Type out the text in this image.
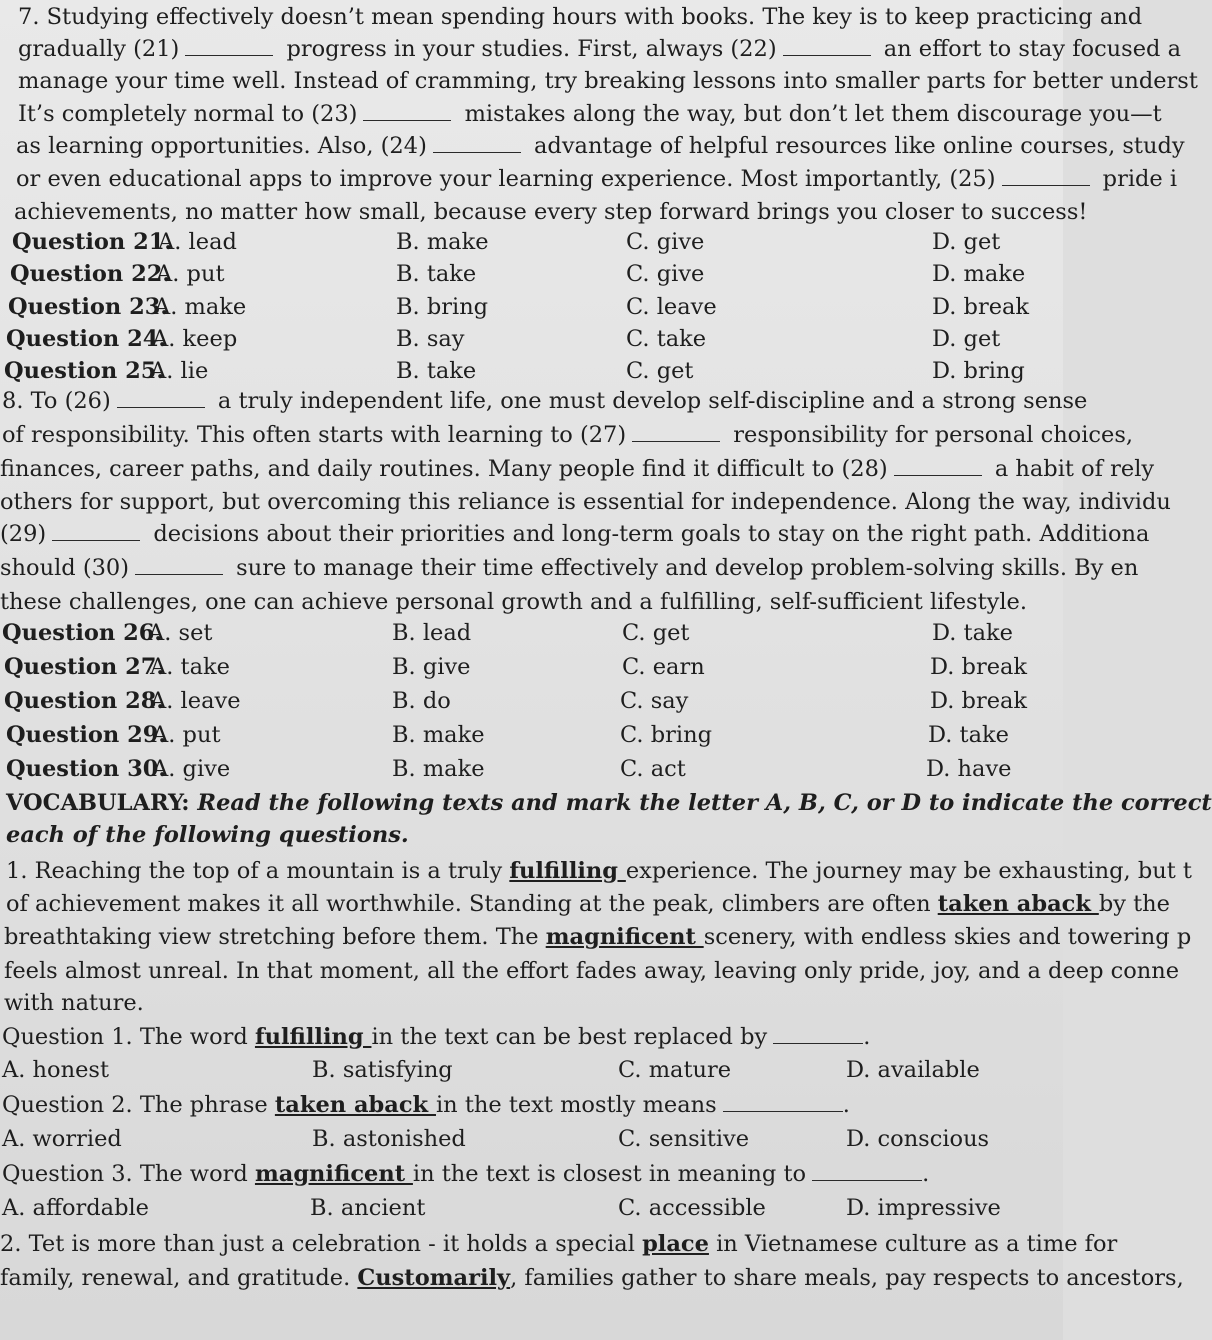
7. Studying effectively doesn’t mean spending hours with books. The key is to keep practicing and
gradually (21)	progress in your studies. First, always (22)	an effort to stay focused a
manage your time well. Instead of cramming, try breaking lessons into smaller parts for better underst
It’s completely normal to (23)	mistakes along the way, but don’t let them discourage you—t
as learning opportunities. Also, (24)	advantage of helpful resources like online courses, study
or even educational apps to improve your learning experience. Most importantly, (25)	pride i
achievements, no matter how small, because every step forward brings you closer to success!
Question 21.
A. lead	B. make	C. give	D. get
Question 22.
A. put	B. take	C. give	D. make
Question 23.
A. make	B. bring	C. leave	D. break
Question 24.
A. keep	B. say	C. take	D. get
Question 25.
A. lie	B. take	C. get	D. bring
8. To (26)	a truly independent life, one must develop self-discipline and a strong sense
of responsibility. This often starts with learning to (27)	responsibility for personal choices,
finances, career paths, and daily routines. Many people find it difficult to (28)	a habit of rely
others for support, but overcoming this reliance is essential for independence. Along the way, individu
(29)	decisions about their priorities and long-term goals to stay on the right path. Additiona
should (30)	sure to manage their time effectively and develop problem-solving skills. By en
these challenges, one can achieve personal growth and a fulfilling, self-sufficient lifestyle.
Question 26.
A. set	B. lead	C. get	D. take
Question 27.
A. take	B. give	C. earn	D. break
Question 28.
A. leave	B. do	C. say	D. break
Question 29.
A. put	B. make	C. bring	D. take
Question 30.
A. give	B. make	C. act	D. have
VOCABULARY: Read the following texts and mark the letter A, B, C, or D to indicate the correct
each of the following questions.
1. Reaching the top of a mountain is a truly fulfilling experience. The journey may be exhausting, but t
of achievement makes it all worthwhile. Standing at the peak, climbers are often taken aback by the
breathtaking view stretching before them. The magnificent scenery, with endless skies and towering p
feels almost unreal. In that moment, all the effort fades away, leaving only pride, joy, and a deep conne
with nature.
Question 1. The word fulfilling in the text can be best replaced by	.
A. honest	B. satisfying	C. mature	D. available
Question 2. The phrase taken aback in the text mostly means	.
A. worried	B. astonished	C. sensitive	D. conscious
Question 3. The word magnificent in the text is closest in meaning to	.
A. affordable	B. ancient	C. accessible	D. impressive
2. Tet is more than just a celebration - it holds a special place in Vietnamese culture as a time for
family, renewal, and gratitude. Customarily, families gather to share meals, pay respects to ancestors,
